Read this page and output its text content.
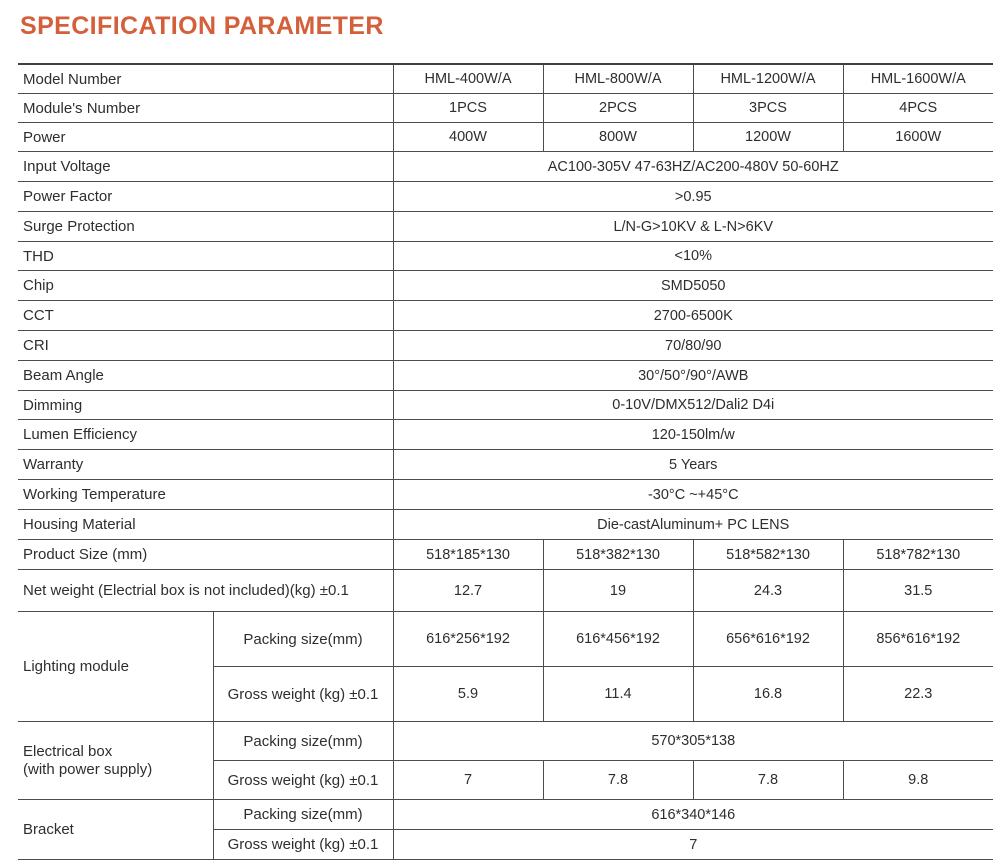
SPECIFICATION PARAMETER
Model Number		HML-400W/A	HML-800W/A	HML-1200W/A	HML-1600W/A
Module's Number		1PCS	2PCS	3PCS	4PCS
Power		400W	800W	1200W	1600W
Input Voltage		AC100-305V 47-63HZ/AC200-480V 50-60HZ			
Power Factor		>0.95			
Surge Protection		L/N-G>10KV & L-N>6KV			
THD		<10%			
Chip		SMD5050			
CCT		2700-6500K			
CRI		70/80/90			
Beam Angle		30°/50°/90°/AWB			
Dimming		0-10V/DMX512/Dali2 D4i			
Lumen Efficiency		120-150lm/w			
Warranty		5 Years			
Working Temperature		-30°C ~+45°C			
Housing Material		Die-castAluminum+ PC LENS			
Product Size (mm)		518*185*130	518*382*130	518*582*130	518*782*130
Net weight (Electrial box is not included)(kg) ±0.1		12.7	19	24.3	31.5
Lighting module	Packing size(mm)	616*256*192	616*456*192	656*616*192	856*616*192
	Gross weight (kg) ±0.1	5.9	11.4	16.8	22.3
Electrical box
(with power supply)	Packing size(mm)	570*305*138			
	Gross weight (kg) ±0.1	7	7.8	7.8	9.8
Bracket	Packing size(mm)	616*340*146			
	Gross weight (kg) ±0.1	7			
